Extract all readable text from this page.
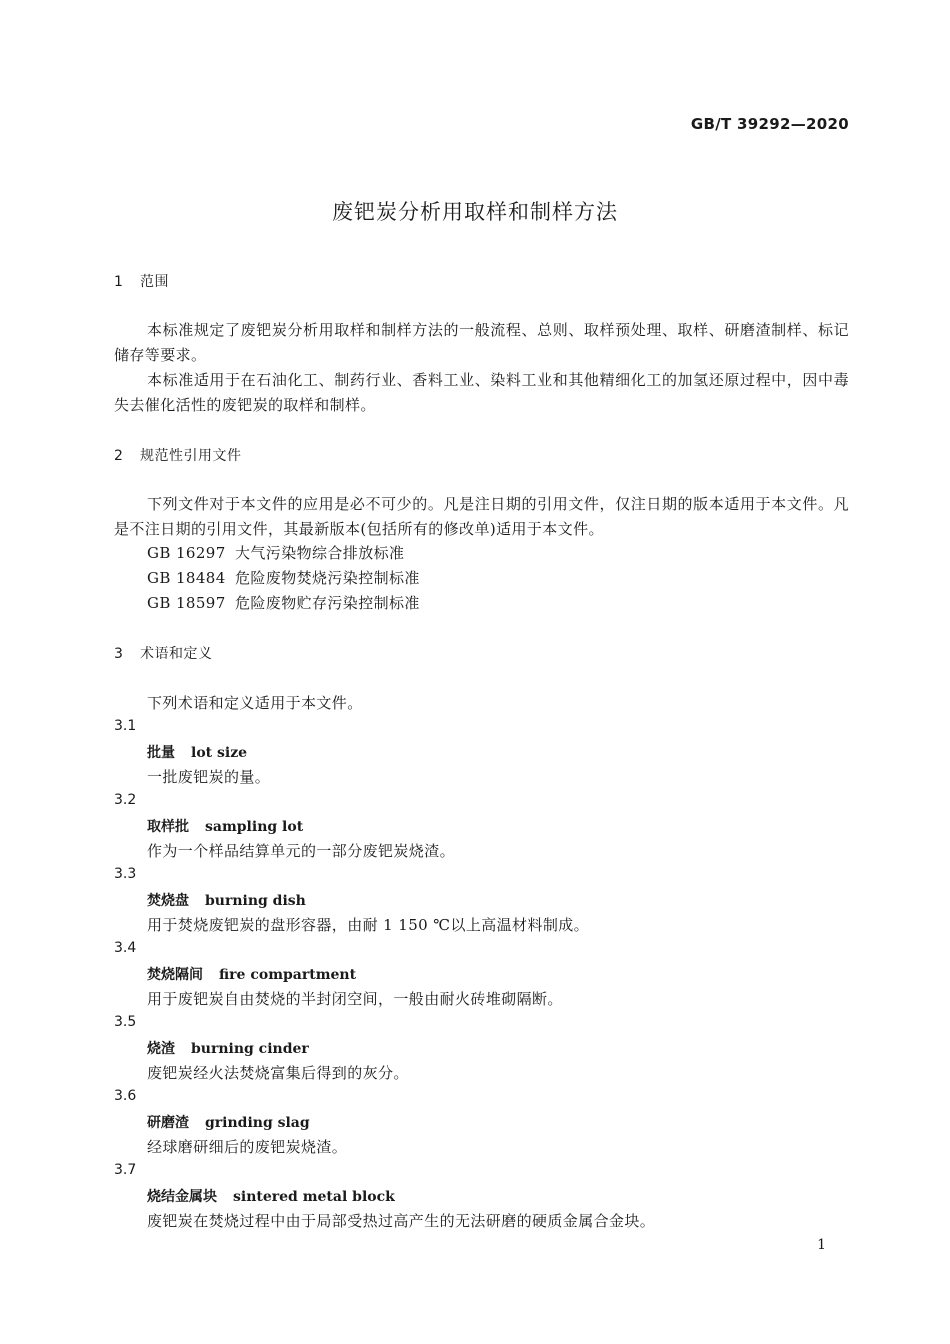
GB/T 39292—2020
废钯炭分析用取样和制样方法
1 范围
本标准规定了废钯炭分析用取样和制样方法的一般流程、总则、取样预处理、取样、研磨渣制样、标记储存等要求。
本标准适用于在石油化工、制药行业、香料工业、染料工业和其他精细化工的加氢还原过程中，因中毒失去催化活性的废钯炭的取样和制样。
2 规范性引用文件
下列文件对于本文件的应用是必不可少的。凡是注日期的引用文件，仅注日期的版本适用于本文件。凡是不注日期的引用文件，其最新版本(包括所有的修改单)适用于本文件。
GB 16297 大气污染物综合排放标准
GB 18484 危险废物焚烧污染控制标准
GB 18597 危险废物贮存污染控制标准
3 术语和定义
下列术语和定义适用于本文件。
3.1
批量 lot size
一批废钯炭的量。
3.2
取样批 sampling lot
作为一个样品结算单元的一部分废钯炭烧渣。
3.3
焚烧盘 burning dish
用于焚烧废钯炭的盘形容器，由耐 1 150 ℃以上高温材料制成。
3.4
焚烧隔间 fire compartment
用于废钯炭自由焚烧的半封闭空间，一般由耐火砖堆砌隔断。
3.5
烧渣 burning cinder
废钯炭经火法焚烧富集后得到的灰分。
3.6
研磨渣 grinding slag
经球磨研细后的废钯炭烧渣。
3.7
烧结金属块 sintered metal block
废钯炭在焚烧过程中由于局部受热过高产生的无法研磨的硬质金属合金块。
1
